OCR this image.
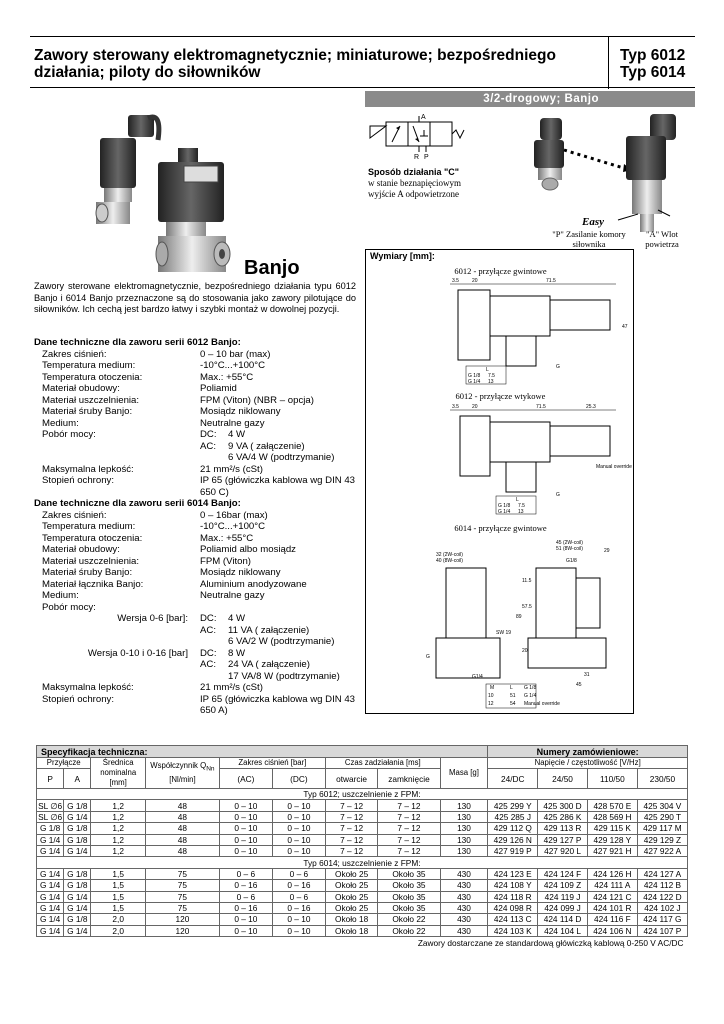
Zawory sterowany elektromagnetycznie; miniaturowe; bezpośredniego działania; piloty do siłowników
Typ 6012
Typ 6014
3/2-drogowy; Banjo
Banjo
A
R P
Sposób działania "C"
w stanie beznapięciowym wyjście A odpowietrzone
Easy
"P" Zasilanie komory siłownika
"A" Wlot powietrza
Zawory sterowane elektromagnetycznie, bezpośredniego działania typu 6012 Banjo i 6014 Banjo przeznaczone są do stosowania jako zawory pilotujące do siłowników. Ich cechą jest bardzo łatwy i szybki montaż w dowolnej pozycji.
Dane techniczne dla zaworu serii 6012 Banjo:
Zakres ciśnień:	0 – 10 bar (max)
Temperatura medium:	-10°C...+100°C
Temperatura otoczenia:	Max.: +55°C
Materiał obudowy:	Poliamid
Materiał uszczelnienia:	FPM (Viton) (NBR – opcja)
Materiał śruby Banjo:	Mosiądz niklowany
Medium:	Neutralne gazy
Pobór mocy:	DC:	4 W
AC:	9 VA ( załączenie)
6 VA/4 W (podtrzymanie)
Maksymalna lepkość:	21 mm²/s (cSt)
Stopień ochrony:	IP 65 (główiczka kablowa wg DIN 43 650 C)
Dane techniczne dla zaworu serii 6014 Banjo:
Zakres ciśnień:	0 – 16bar (max)
Temperatura medium:	-10°C...+100°C
Temperatura otoczenia:	Max.: +55°C
Materiał obudowy:	Poliamid albo mosiądz
Materiał uszczelnienia:	FPM (Viton)
Materiał śruby Banjo:	Mosiądz niklowany
Materiał łącznika Banjo:	Aluminium anodyzowane
Medium:	Neutralne gazy
Pobór mocy:
Wersja 0-6 [bar]:	DC:	4 W
AC:	11 VA ( załączenie)
6 VA/2 W (podtrzymanie)
Wersja 0-10 i 0-16 [bar]	DC:	8 W
AC:	24 VA ( załączenie)
17 VA/8 W (podtrzymanie)
Maksymalna lepkość:	21 mm²/s (cSt)
Stopień ochrony:	IP 65 (główiczka kablowa wg DIN 43 650 A)
Wymiary [mm]:
6012 - przyłącze gwintowe
3.5	20	71.5
47
G
L
G 1/8 7.5
G 1/4 13
6012 - przyłącze wtykowe
3.5	20	71.5	25.3
G
L
G 1/8 7.5
G 1/4 13
Manual override
6014 - przyłącze gwintowe
45 (2W-coil)
51 (8W-coil)	29
32 (2W-coil)
40 (8W-coil)	G1/8
11.5
57.5
89
SW 19
G1/4
20
31
45
G
M	L G 1/8
10	51 G 1/4
12	54 Manual override
Specyfikacja techniczna:									Numery zamówieniowe:			
Przyłącze		Średnica nominalna [mm]	Współczynnik $Q_{Nn}$ [Nl/min]	Zakres ciśnień [bar]		Czas zadziałania [ms]		Masa [g]	Napięcie / częstotliwość [V/Hz]			
P	A			(AC)	(DC)	otwarcie	zamknięcie		24/DC	24/50	110/50	230/50

Typ 6012; uszczelnienie z FPM:												
SL ∅6	G 1/8	1,2	48	0 – 10	0 – 10	7 – 12	7 – 12	130	425 299 Y	425 300 D	428 570 E	425 304 V
SL ∅6	G 1/4	1,2	48	0 – 10	0 – 10	7 – 12	7 – 12	130	425 285 J	425 286 K	428 569 H	425 290 T
G 1/8	G 1/8	1,2	48	0 – 10	0 – 10	7 – 12	7 – 12	130	429 112 Q	429 113 R	429 115 K	429 117 M
G 1/4	G 1/8	1,2	48	0 – 10	0 – 10	7 – 12	7 – 12	130	429 126 N	429 127 P	429 128 Y	429 129 Z
G 1/4	G 1/4	1,2	48	0 – 10	0 – 10	7 – 12	7 – 12	130	427 919 P	427 920 L	427 921 H	427 922 A
Typ 6014; uszczelnienie z FPM:												
G 1/4	G 1/8	1,5	75	0 – 6	0 – 6	Około 25	Około 35	430	424 123 E	424 124 F	424 126 H	424 127 A
G 1/4	G 1/8	1,5	75	0 – 16	0 – 16	Około 25	Około 35	430	424 108 Y	424 109 Z	424 111 A	424 112 B
G 1/4	G 1/4	1,5	75	0 – 6	0 – 6	Około 25	Około 35	430	424 118 R	424 119 J	424 121 C	424 122 D
G 1/4	G 1/4	1,5	75	0 – 16	0 – 16	Około 25	Około 35	430	424 098 R	424 099 J	424 101 R	424 102 J
G 1/4	G 1/8	2,0	120	0 – 10	0 – 10	Około 18	Około 22	430	424 113 C	424 114 D	424 116 F	424 117 G
G 1/4	G 1/4	2,0	120	0 – 10	0 – 10	Około 18	Około 22	430	424 103 K	424 104 L	424 106 N	424 107 P
Zawory dostarczane ze standardową główiczką kablową 0-250 V AC/DC												
